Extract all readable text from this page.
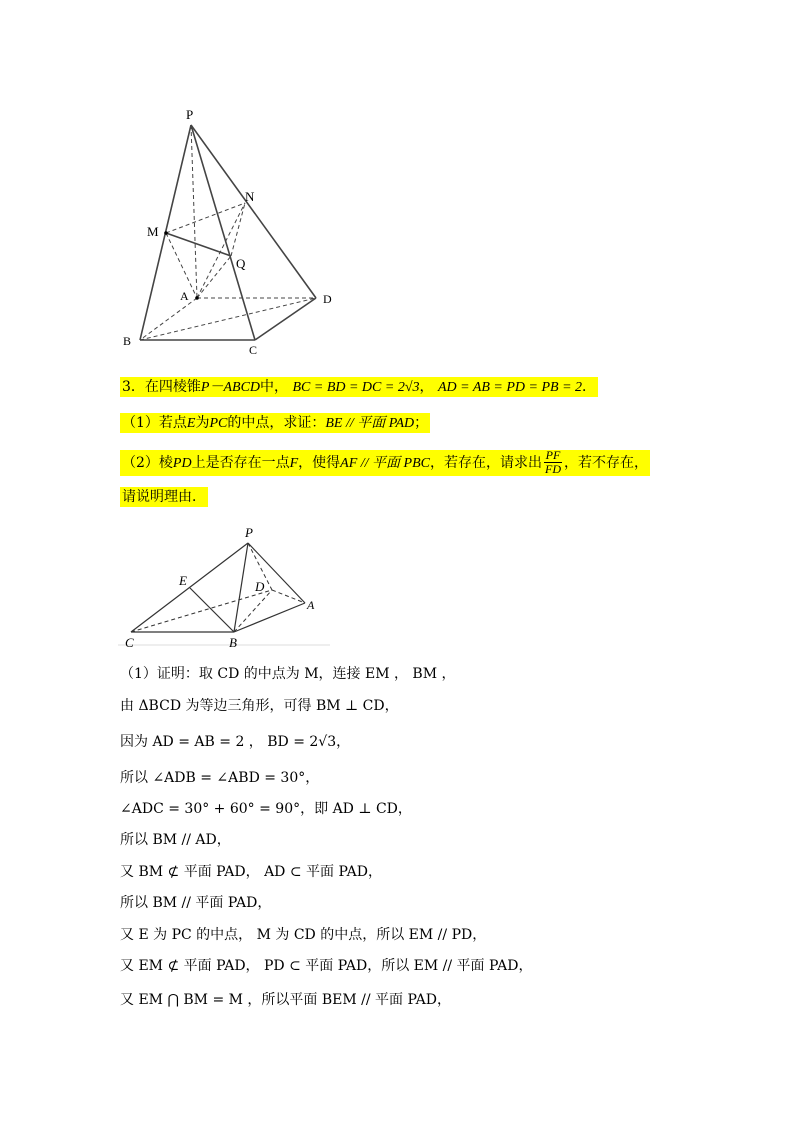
P
N
M
Q
A	D
B
C
3．在四棱锥P－ABCD中， BC = BD = DC = 2√3， AD = AB = PD = PB = 2．
（1）若点E为PC的中点，求证：BE // 平面 PAD；
（2）棱PD上是否存在一点F，使得AF // 平面 PBC，若存在，请求出 $\frac{PF}{FD}$ ，若不存在，
请说明理由．
P
E	D
A
C	B
（1）证明：取 CD 的中点为 M，连接 EM ， BM ，
由 ΔBCD 为等边三角形，可得 BM ⊥ CD，
因为 AD = AB = 2 ， BD = 2√3，
所以 ∠ADB = ∠ABD = 30°，
∠ADC = 30° + 60° = 90°，即 AD ⊥ CD，
所以 BM // AD，
又 BM ⊄ 平面 PAD， AD ⊂ 平面 PAD，
所以 BM // 平面 PAD，
又 E 为 PC 的中点， M 为 CD 的中点，所以 EM // PD，
又 EM ⊄ 平面 PAD， PD ⊂ 平面 PAD，所以 EM // 平面 PAD，
又 EM ⋂ BM = M ，所以平面 BEM // 平面 PAD，
